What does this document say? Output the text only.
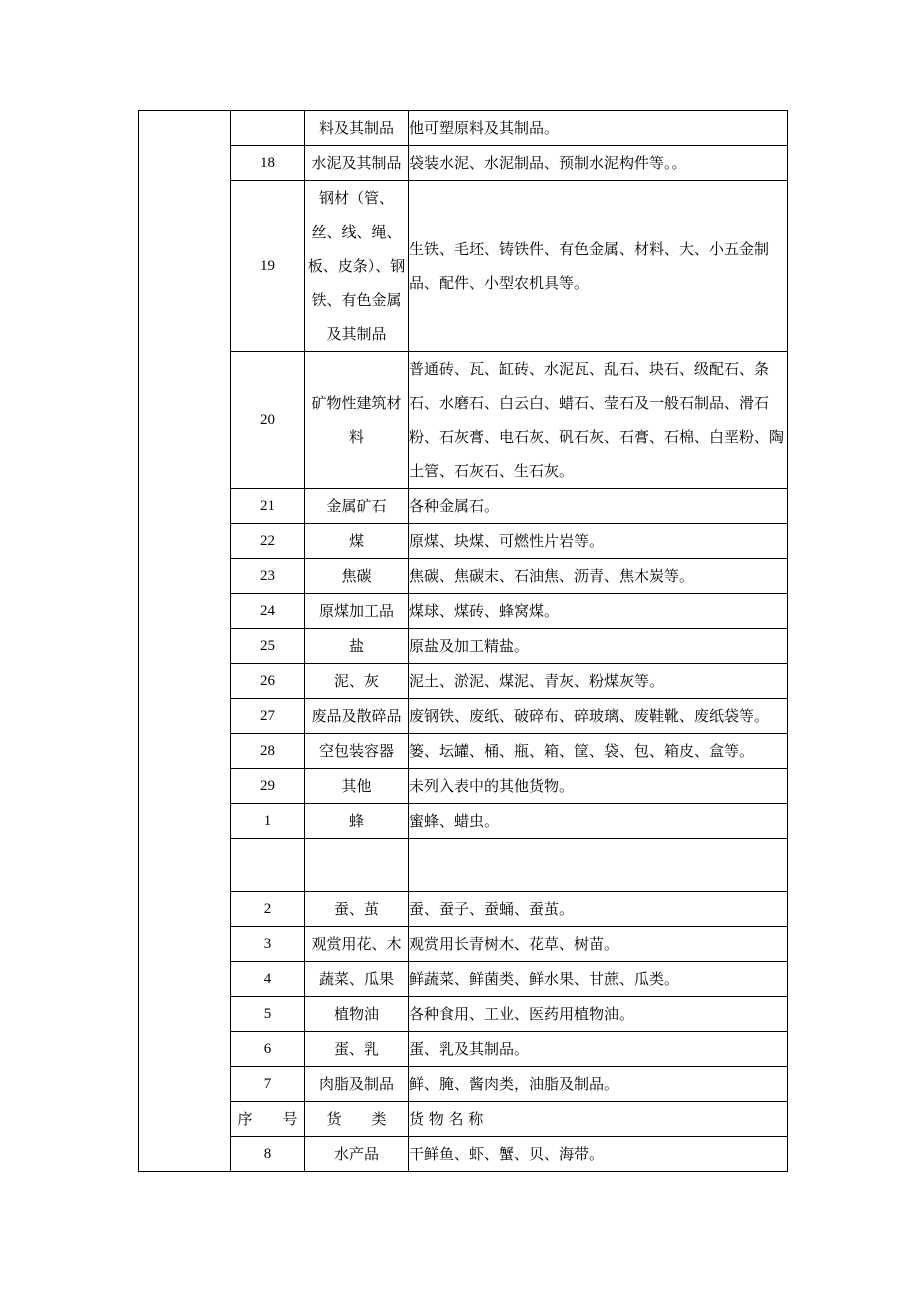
		料及其制品	他可塑原料及其制品。
	18	水泥及其制品	袋装水泥、水泥制品、预制水泥构件等。。
	19	钢材（管、丝、线、绳、板、皮条）、钢铁、有色金属及其制品	生铁、毛坯、铸铁件、有色金属、材料、大、小五金制品、配件、小型农机具等。
	20	矿物性建筑材料	普通砖、瓦、缸砖、水泥瓦、乱石、块石、级配石、条石、水磨石、白云白、蜡石、莹石及一般石制品、滑石粉、石灰膏、电石灰、矾石灰、石膏、石棉、白垩粉、陶土管、石灰石、生石灰。
	21	金属矿石	各种金属石。
	22	煤	原煤、块煤、可燃性片岩等。
	23	焦碳	焦碳、焦碳末、石油焦、沥青、焦木炭等。
	24	原煤加工品	煤球、煤砖、蜂窝煤。
	25	盐	原盐及加工精盐。
	26	泥、灰	泥土、淤泥、煤泥、青灰、粉煤灰等。
	27	废品及散碎品	废钢铁、废纸、破碎布、碎玻璃、废鞋靴、废纸袋等。
	28	空包装容器	篓、坛罐、桶、瓶、箱、筐、袋、包、箱皮、盒等。
	29	其他	未列入表中的其他货物。
	1	蜂	蜜蜂、蜡虫。

	2	蚕、茧	蚕、蚕子、蚕蛹、蚕茧。
	3	观赏用花、木	观赏用长青树木、花草、树苗。
	4	蔬菜、瓜果	鲜蔬菜、鲜菌类、鲜水果、甘蔗、瓜类。
	5	植物油	各种食用、工业、医药用植物油。
	6	蛋、乳	蛋、乳及其制品。
	7	肉脂及制品	鲜、腌、酱肉类，油脂及制品。
	序　　号	货　　类	货 物 名 称
	8	水产品	干鲜鱼、虾、蟹、贝、海带。
